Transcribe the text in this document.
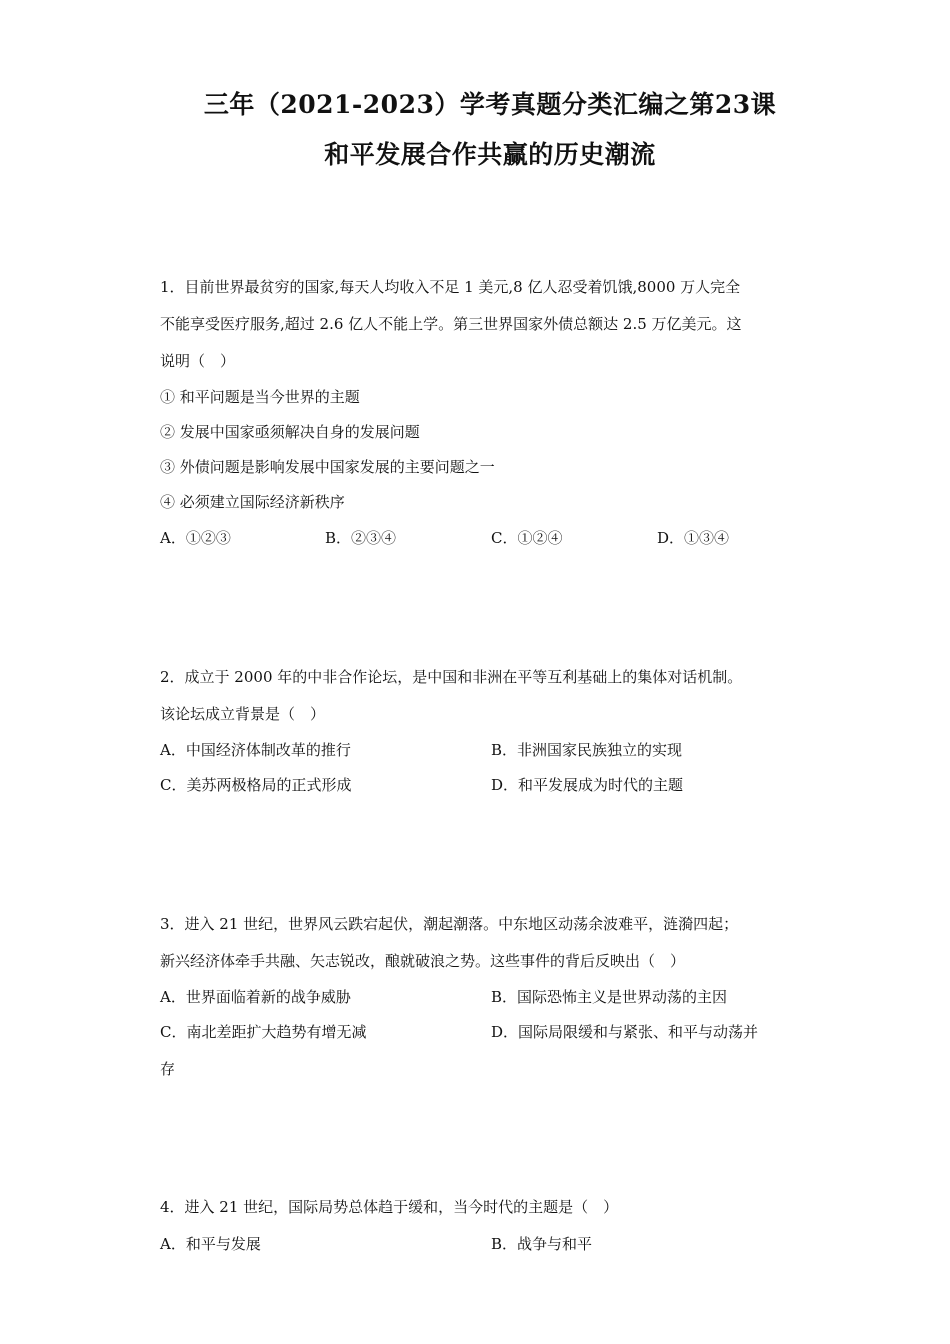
三年（2021-2023）学考真题分类汇编之第23课
和平发展合作共赢的历史潮流
1．目前世界最贫穷的国家,每天人均收入不足 1 美元,8 亿人忍受着饥饿,8000 万人完全
不能享受医疗服务,超过 2.6 亿人不能上学。第三世界国家外债总额达 2.5 万亿美元。这
说明（　）
① 和平问题是当今世界的主题
② 发展中国家亟须解决自身的发展问题
③ 外债问题是影响发展中国家发展的主要问题之一
④ 必须建立国际经济新秩序
A．①②③	B．②③④	C．①②④	D．①③④
2．成立于 2000 年的中非合作论坛，是中国和非洲在平等互利基础上的集体对话机制。
该论坛成立背景是（　）
A．中国经济体制改革的推行	B．非洲国家民族独立的实现
C．美苏两极格局的正式形成	D．和平发展成为时代的主题
3．进入 21 世纪，世界风云跌宕起伏，潮起潮落。中东地区动荡余波难平，涟漪四起；
新兴经济体牵手共融、矢志锐改，酿就破浪之势。这些事件的背后反映出（　）
A．世界面临着新的战争威胁	B．国际恐怖主义是世界动荡的主因
C．南北差距扩大趋势有增无减	D．国际局限缓和与紧张、和平与动荡并
存
4．进入 21 世纪，国际局势总体趋于缓和，当今时代的主题是（　）
A．和平与发展	B．战争与和平
